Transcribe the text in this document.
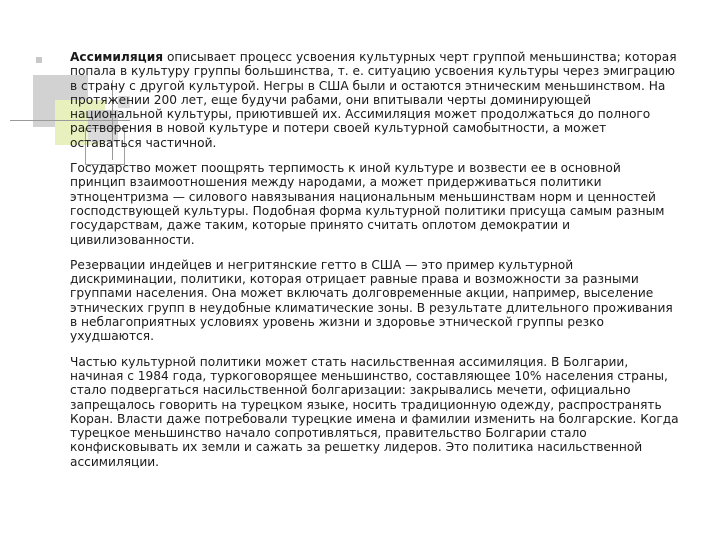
Ассимиляция описывает процесс усвоения культурных черт группой меньшинства; которая попала в культуру группы большинства, т. е. ситуацию усвоения культуры через эмиграцию в страну с другой культурой. Негры в США были и остаются этническим меньшинством. На протяжении 200 лет, еще будучи рабами, они впитывали черты доминирующей национальной культуры, приютившей их. Ассимиляция может продолжаться до полного растворения в новой культуре и потери своей культурной самобытности, а может оставаться частичной.

Государство может поощрять терпимость к иной культуре и возвести ее в основной принцип взаимоотношения между народами, а может придерживаться политики этноцентризма — силового навязывания национальным меньшинствам норм и ценностей господствующей культуры. Подобная форма культурной политики присуща самым разным государствам, даже таким, которые принято считать оплотом демократии и цивилизованности.

Резервации индейцев и негритянские гетто в США — это пример культурной дискриминации, политики, которая отрицает равные права и возможности за разными группами населения. Она может включать долговременные акции, например, выселение этнических групп в неудобные климатические зоны. В результате длительного проживания в неблагоприятных условиях уровень жизни и здоровье этнической группы резко ухудшаются.

Частью культурной политики может стать насильственная ассимиляция. В Болгарии, начиная с 1984 года, туркоговорящее меньшинство, составляющее 10% населения страны, стало подвергаться насильственной болгаризации: закрывались мечети, официально запрещалось говорить на турецком языке, носить традиционную одежду, распространять Коран. Власти даже потребовали турецкие имена и фамилии изменить на болгарские. Когда турецкое меньшинство начало сопротивляться, правительство Болгарии стало конфисковывать их земли и сажать за решетку лидеров. Это политика насильственной ассимиляции.
